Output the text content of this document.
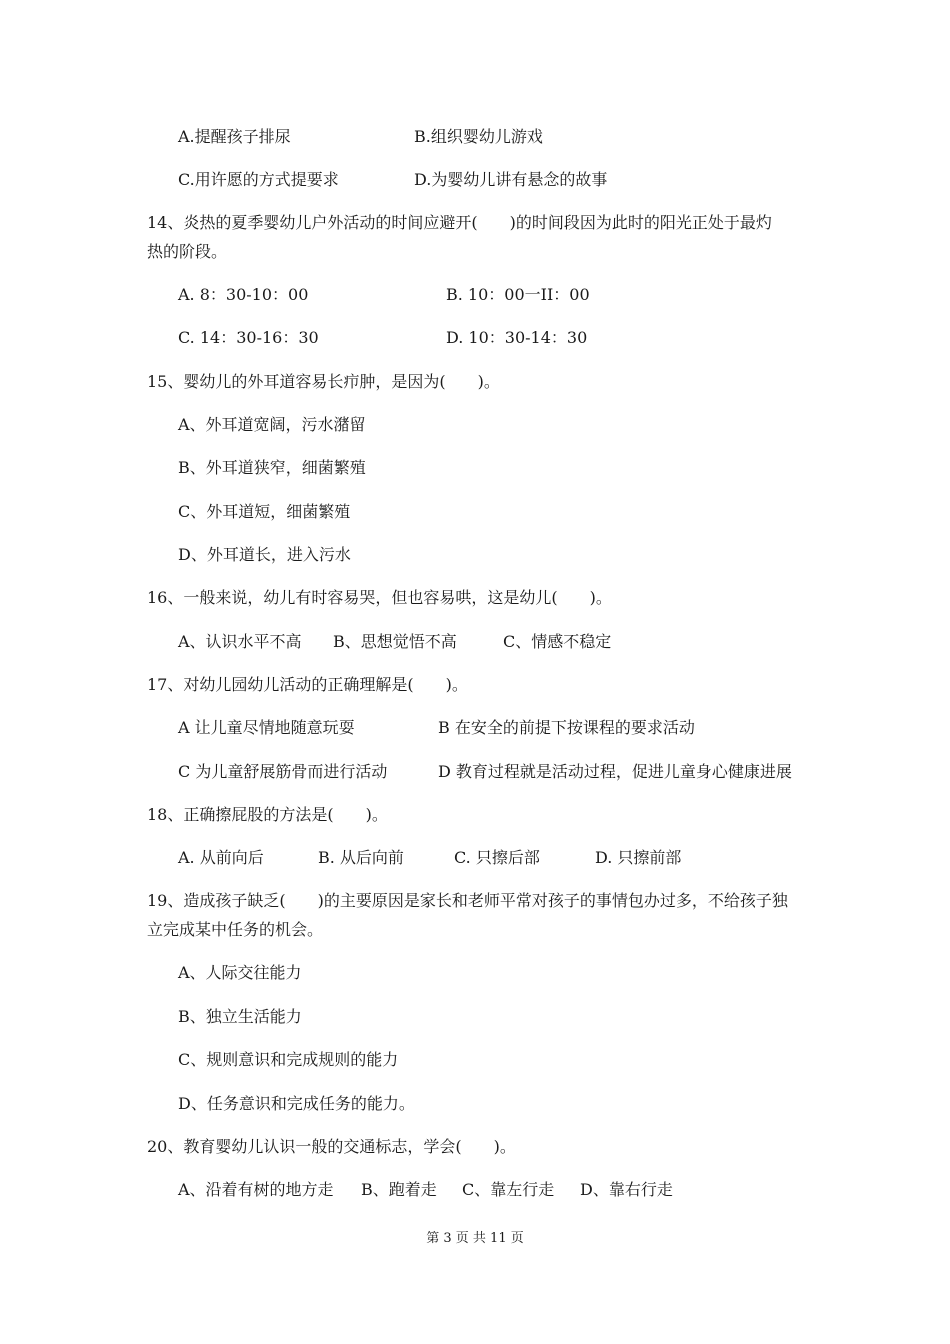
A.提醒孩子排尿	B.组织婴幼儿游戏
C.用许愿的方式提要求	D.为婴幼儿讲有悬念的故事
14、炎热的夏季婴幼儿户外活动的时间应避开(　　)的时间段因为此时的阳光正处于最灼
热的阶段。
A. 8：30-10：00	B. 10：00一II：00
C. 14：30-16：30	D. 10：30-14：30
15、婴幼儿的外耳道容易长疖肿，是因为(　　)。
A、外耳道宽阔，污水潴留
B、外耳道狭窄，细菌繁殖
C、外耳道短，细菌繁殖
D、外耳道长，进入污水
16、一般来说，幼儿有时容易哭，但也容易哄，这是幼儿(　　)。
A、认识水平不高 B、思想觉悟不高	C、情感不稳定
17、对幼儿园幼儿活动的正确理解是(　　)。
A 让儿童尽情地随意玩耍	B 在安全的前提下按课程的要求活动
C 为儿童舒展筋骨而进行活动	D 教育过程就是活动过程，促进儿童身心健康进展
18、正确擦屁股的方法是(　　)。
A. 从前向后	B. 从后向前	C. 只擦后部	D. 只擦前部
19、造成孩子缺乏(　　)的主要原因是家长和老师平常对孩子的事情包办过多，不给孩子独
立完成某中任务的机会。
A、人际交往能力
B、独立生活能力
C、规则意识和完成规则的能力
D、任务意识和完成任务的能力。
20、教育婴幼儿认识一般的交通标志，学会(　　)。
A、沿着有树的地方走 B、跑着走 C、靠左行走 D、靠右行走
第 3 页 共 11 页
